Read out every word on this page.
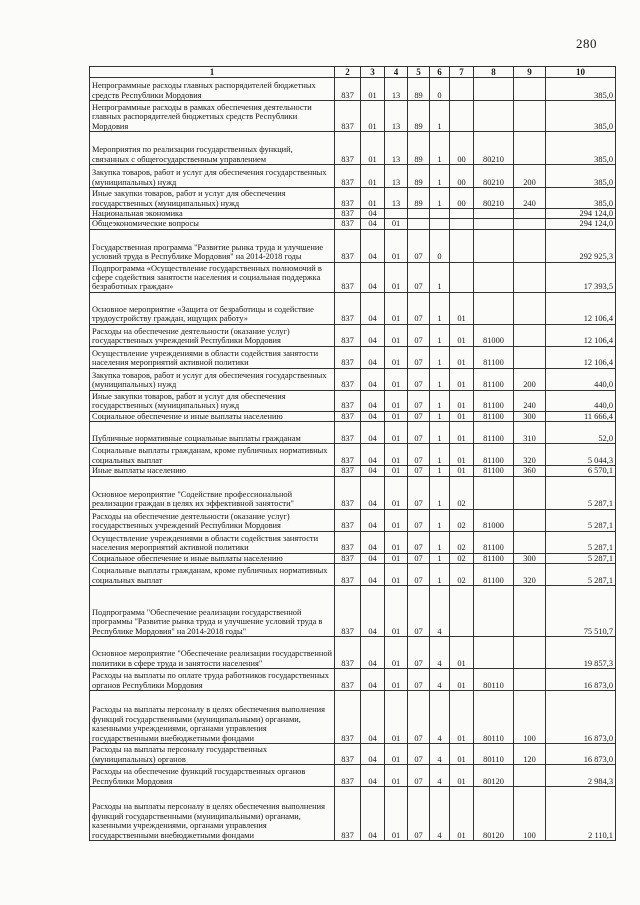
280
1	2	3	4	5	6	7	8	9	10
Непрограммные расходы главных распорядителей бюджетных средств Республики Мордовия	837	01	13	89	0				385,0
Непрограммные расходы в рамках обеспечения деятельности главных распорядителей бюджетных средств Республики Мордовия	837	01	13	89	1				385,0
Мероприятия по реализации государственных функций, связанных с общегосударственным управлением	837	01	13	89	1	00	80210		385,0
Закупка товаров, работ и услуг для обеспечения государственных (муниципальных) нужд	837	01	13	89	1	00	80210	200	385,0
Иные закупки товаров, работ и услуг для обеспечения государственных (муниципальных) нужд	837	01	13	89	1	00	80210	240	385,0
Национальная экономика	837	04							294 124,0
Общеэкономические вопросы	837	04	01						294 124,0
Государственная программа "Развитие рынка труда и улучшение условий труда в Республике Мордовия" на 2014-2018 годы	837	04	01	07	0				292 925,3
Подпрограмма «Осуществление государственных полномочий в сфере содействия занятости населения и социальная поддержка безработных граждан»	837	04	01	07	1				17 393,5
Основное мероприятие «Защита от безработицы и содействие трудоустройству граждан, ищущих работу»	837	04	01	07	1	01			12 106,4
Расходы на обеспечение деятельности (оказание услуг) государственных учреждений Республики Мордовия	837	04	01	07	1	01	81000		12 106,4
Осуществление учреждениями в области содействия занятости населения мероприятий активной политики	837	04	01	07	1	01	81100		12 106,4
Закупка товаров, работ и услуг для обеспечения государственных (муниципальных) нужд	837	04	01	07	1	01	81100	200	440,0
Иные закупки товаров, работ и услуг для обеспечения государственных (муниципальных) нужд	837	04	01	07	1	01	81100	240	440,0
Социальное обеспечение и иные выплаты населению	837	04	01	07	1	01	81100	300	11 666,4
Публичные нормативные социальные выплаты гражданам	837	04	01	07	1	01	81100	310	52,0
Социальные выплаты гражданам, кроме публичных нормативных социальных выплат	837	04	01	07	1	01	81100	320	5 044,3
Иные выплаты населению	837	04	01	07	1	01	81100	360	6 570,1
Основное мероприятие "Содействие профессиональной реализации граждан в целях их эффективной занятости"	837	04	01	07	1	02			5 287,1
Расходы на обеспечение деятельности (оказание услуг) государственных учреждений Республики Мордовия	837	04	01	07	1	02	81000		5 287,1
Осуществление учреждениями в области содействия занятости населения мероприятий активной политики	837	04	01	07	1	02	81100		5 287,1
Социальное обеспечение и иные выплаты населению	837	04	01	07	1	02	81100	300	5 287,1
Социальные выплаты гражданам, кроме публичных нормативных социальных выплат	837	04	01	07	1	02	81100	320	5 287,1
Подпрограмма "Обеспечение реализации государственной программы "Развитие рынка труда и улучшение условий труда в Республике Мордовия" на 2014-2018 годы"	837	04	01	07	4				75 510,7
Основное мероприятие "Обеспечение реализации государственной политики в сфере труда и занятости населения"	837	04	01	07	4	01			19 857,3
Расходы на выплаты по оплате труда работников государственных органов Республики Мордовия	837	04	01	07	4	01	80110		16 873,0
Расходы на выплаты персоналу в целях обеспечения выполнения функций государственными (муниципальными) органами, казенными учреждениями, органами управления государственными внебюджетными фондами	837	04	01	07	4	01	80110	100	16 873,0
Расходы на выплаты персоналу государственных (муниципальных) органов	837	04	01	07	4	01	80110	120	16 873,0
Расходы на обеспечение функций государственных органов Республики Мордовия	837	04	01	07	4	01	80120		2 984,3
Расходы на выплаты персоналу в целях обеспечения выполнения функций государственными (муниципальными) органами, казенными учреждениями, органами управления государственными внебюджетными фондами	837	04	01	07	4	01	80120	100	2 110,1
